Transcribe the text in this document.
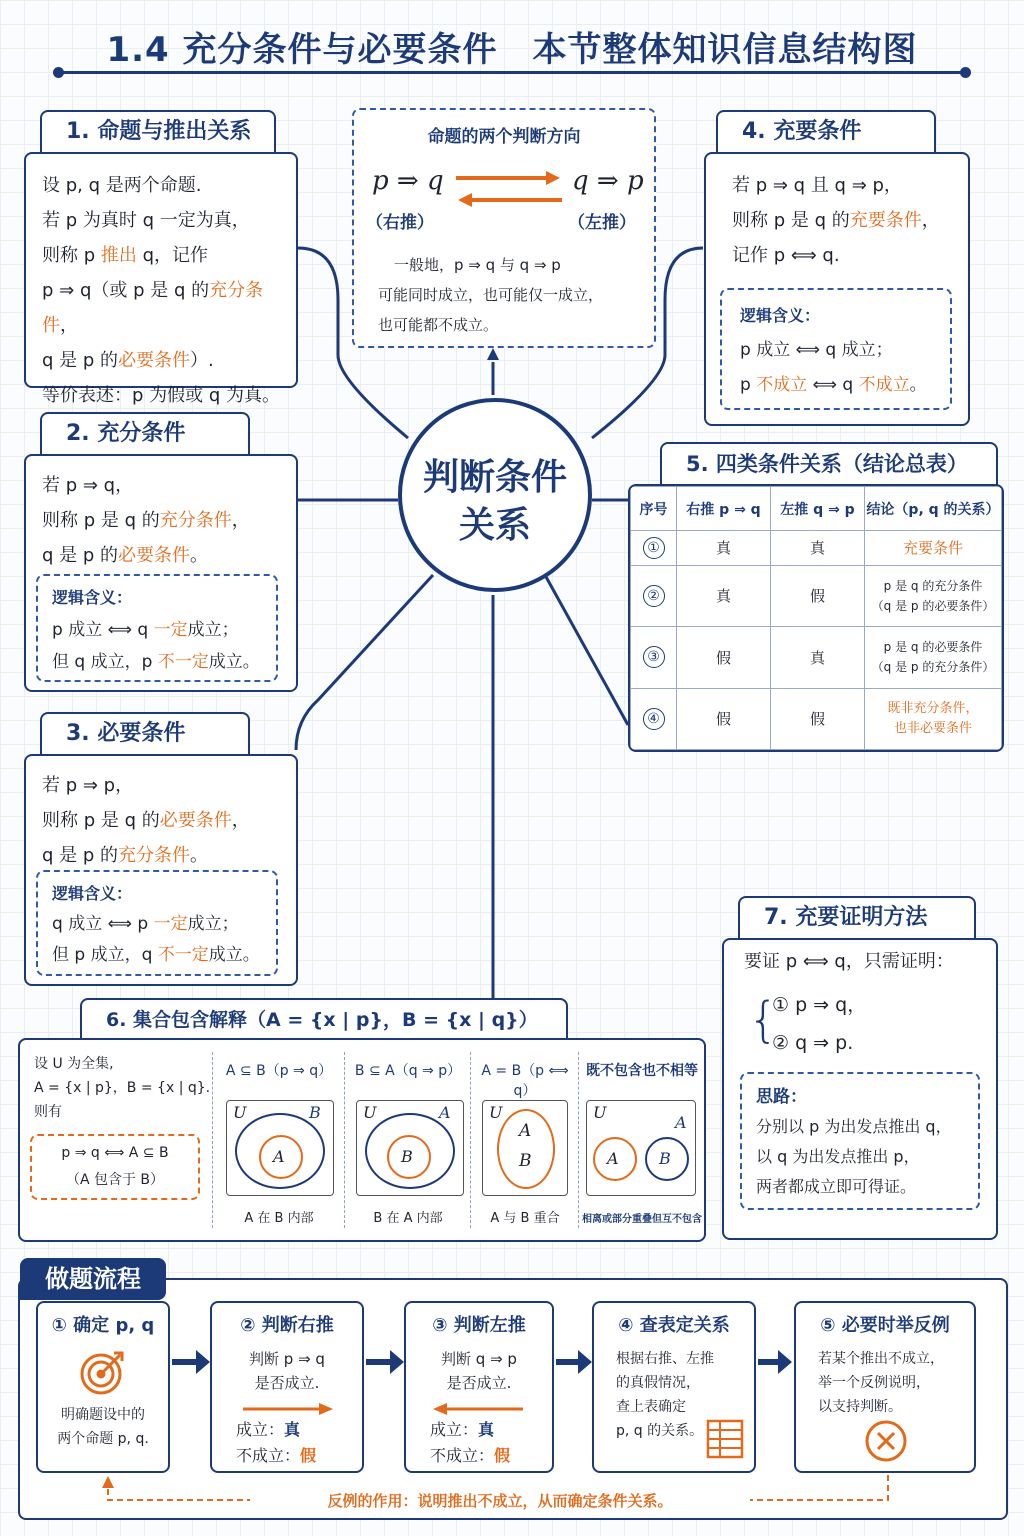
1.4 充分条件与必要条件　本节整体知识信息结构图
判断条件
关系
命题的两个判断方向
p ⇒ q	q ⇒ p
（右推）	（左推）
一般地，p ⇒ q 与 q ⇒ p
可能同时成立，也可能仅一成立，
也可能都不成立。
1. 命题与推出关系
设 p, q 是两个命题.
若 p 为真时 q 一定为真，
则称 p 推出 q，记作
p ⇒ q（或 p 是 q 的充分条件，
q 是 p 的必要条件）.
等价表述：p 为假或 q 为真。
2. 充分条件
若 p ⇒ q，
则称 p 是 q 的充分条件，
q 是 p 的必要条件。
逻辑含义：
p 成立 ⟺ q 一定成立；
但 q 成立，p 不一定成立。
3. 必要条件
若 p ⇒ p，
则称 p 是 q 的必要条件，
q 是 p 的充分条件。
逻辑含义：
q 成立 ⟺ p 一定成立；
但 p 成立，q 不一定成立。
4. 充要条件
若 p ⇒ q 且 q ⇒ p，
则称 p 是 q 的充要条件，
记作 p ⟺ q.
逻辑含义：
p 成立 ⟺ q 成立；
p 不成立 ⟺ q 不成立。
5. 四类条件关系（结论总表）
序号	右推 p ⇒ q	左推 q ⇒ p	结论（p, q 的关系）
①	真	真	充要条件

②	真	假	p 是 q 的充分条件
（q 是 p 的必要条件）

③	假	真	p 是 q 的必要条件
（q 是 p 的充分条件）

④	假	假	既非充分条件，
也非必要条件
6. 集合包含解释（A = {x | p}，B = {x | q}）
设 U 为全集,
A = {x | p}，B = {x | q}.
则有
p ⇒ q ⟺ A ⊆ B
（A 包含于 B）
A ⊆ B（p ⇒ q）	B ⊆ A（q ⇒ p）	A = B（p ⟺ q）
既不包含也不相等
U	B
A
U	A
B
U
A
B
U
A
A	B
A 在 B 内部	B 在 A 内部	A 与 B 重合	相离或部分重叠但互不包含
7. 充要证明方法
要证 p ⟺ q，只需证明：
{
① p ⇒ q，
② q ⇒ p.
思路：
分别以 p 为出发点推出 q，
以 q 为出发点推出 p，
两者都成立即可得证。
做题流程
① 确定 p, q
明确题设中的
两个命题 p, q.
② 判断右推
判断 p ⇒ q
是否成立.
成立：真
不成立：假
③ 判断左推
判断 q ⇒ p
是否成立.
成立：真
不成立：假
④ 查表定关系
根据右推、左推
的真假情况，
查上表确定
p, q 的关系。
⑤ 必要时举反例
若某个推出不成立，
举一个反例说明，
以支持判断。
反例的作用：说明推出不成立，从而确定条件关系。
